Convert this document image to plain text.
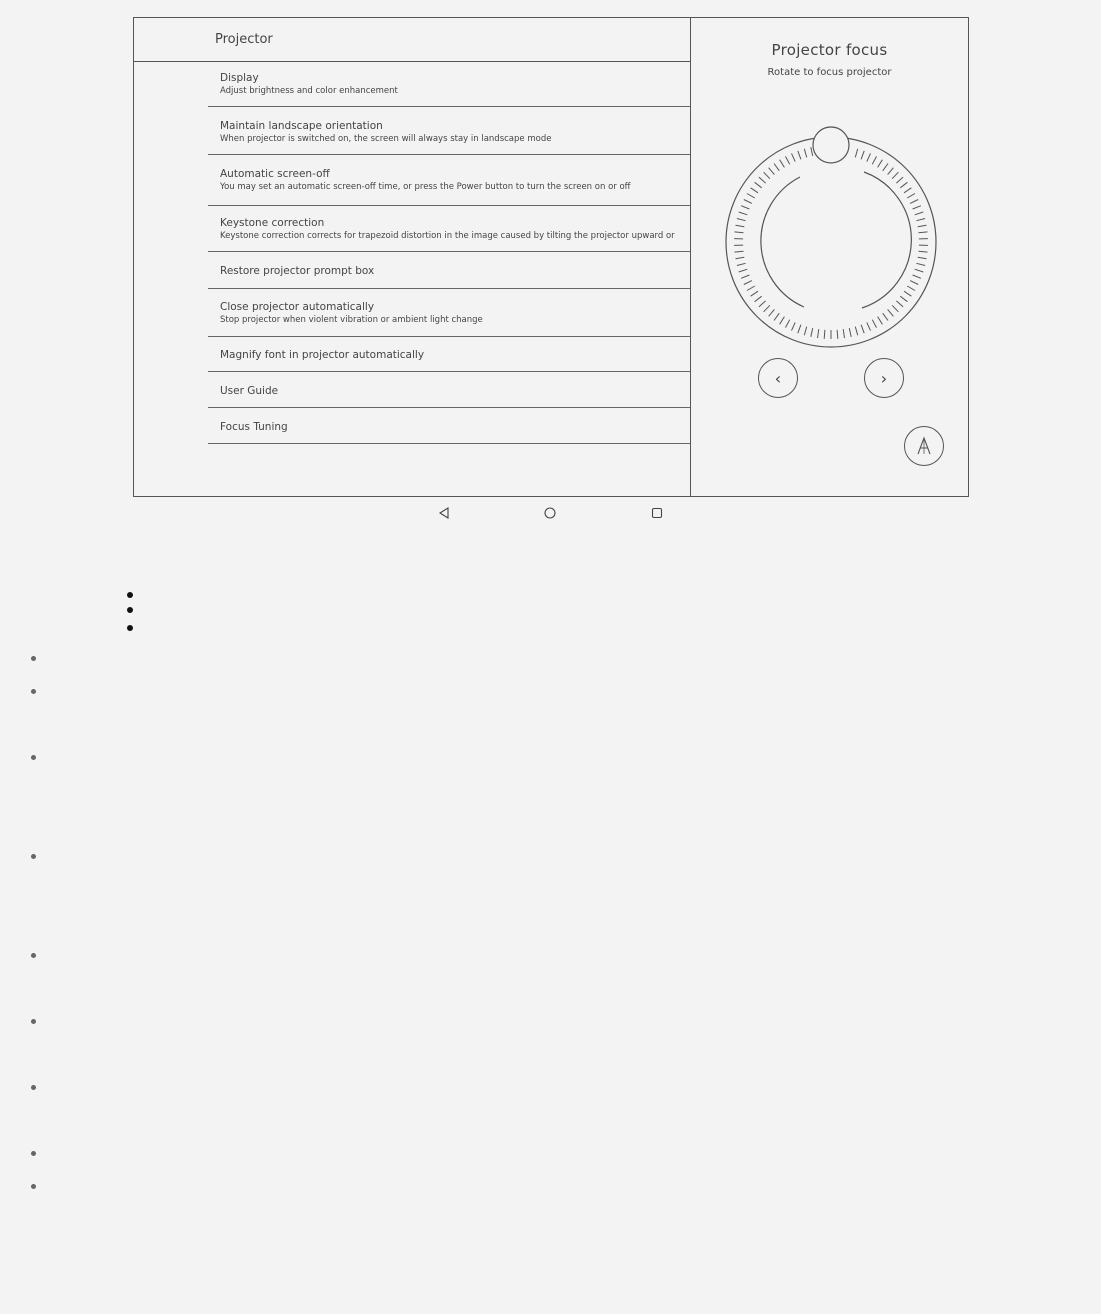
Projector
Display
Adjust brightness and color enhancement
Maintain landscape orientation
When projector is switched on, the screen will always stay in landscape mode
Automatic screen-off
You may set an automatic screen-off time, or press the Power button to turn the screen on or off
Keystone correction
Keystone correction corrects for trapezoid distortion in the image caused by tilting the projector upward or
Restore projector prompt box
Close projector automatically
Stop projector when violent vibration or ambient light change
Magnify font in projector automatically
User Guide
Focus Tuning
Projector focus
Rotate to focus projector
‹	›
